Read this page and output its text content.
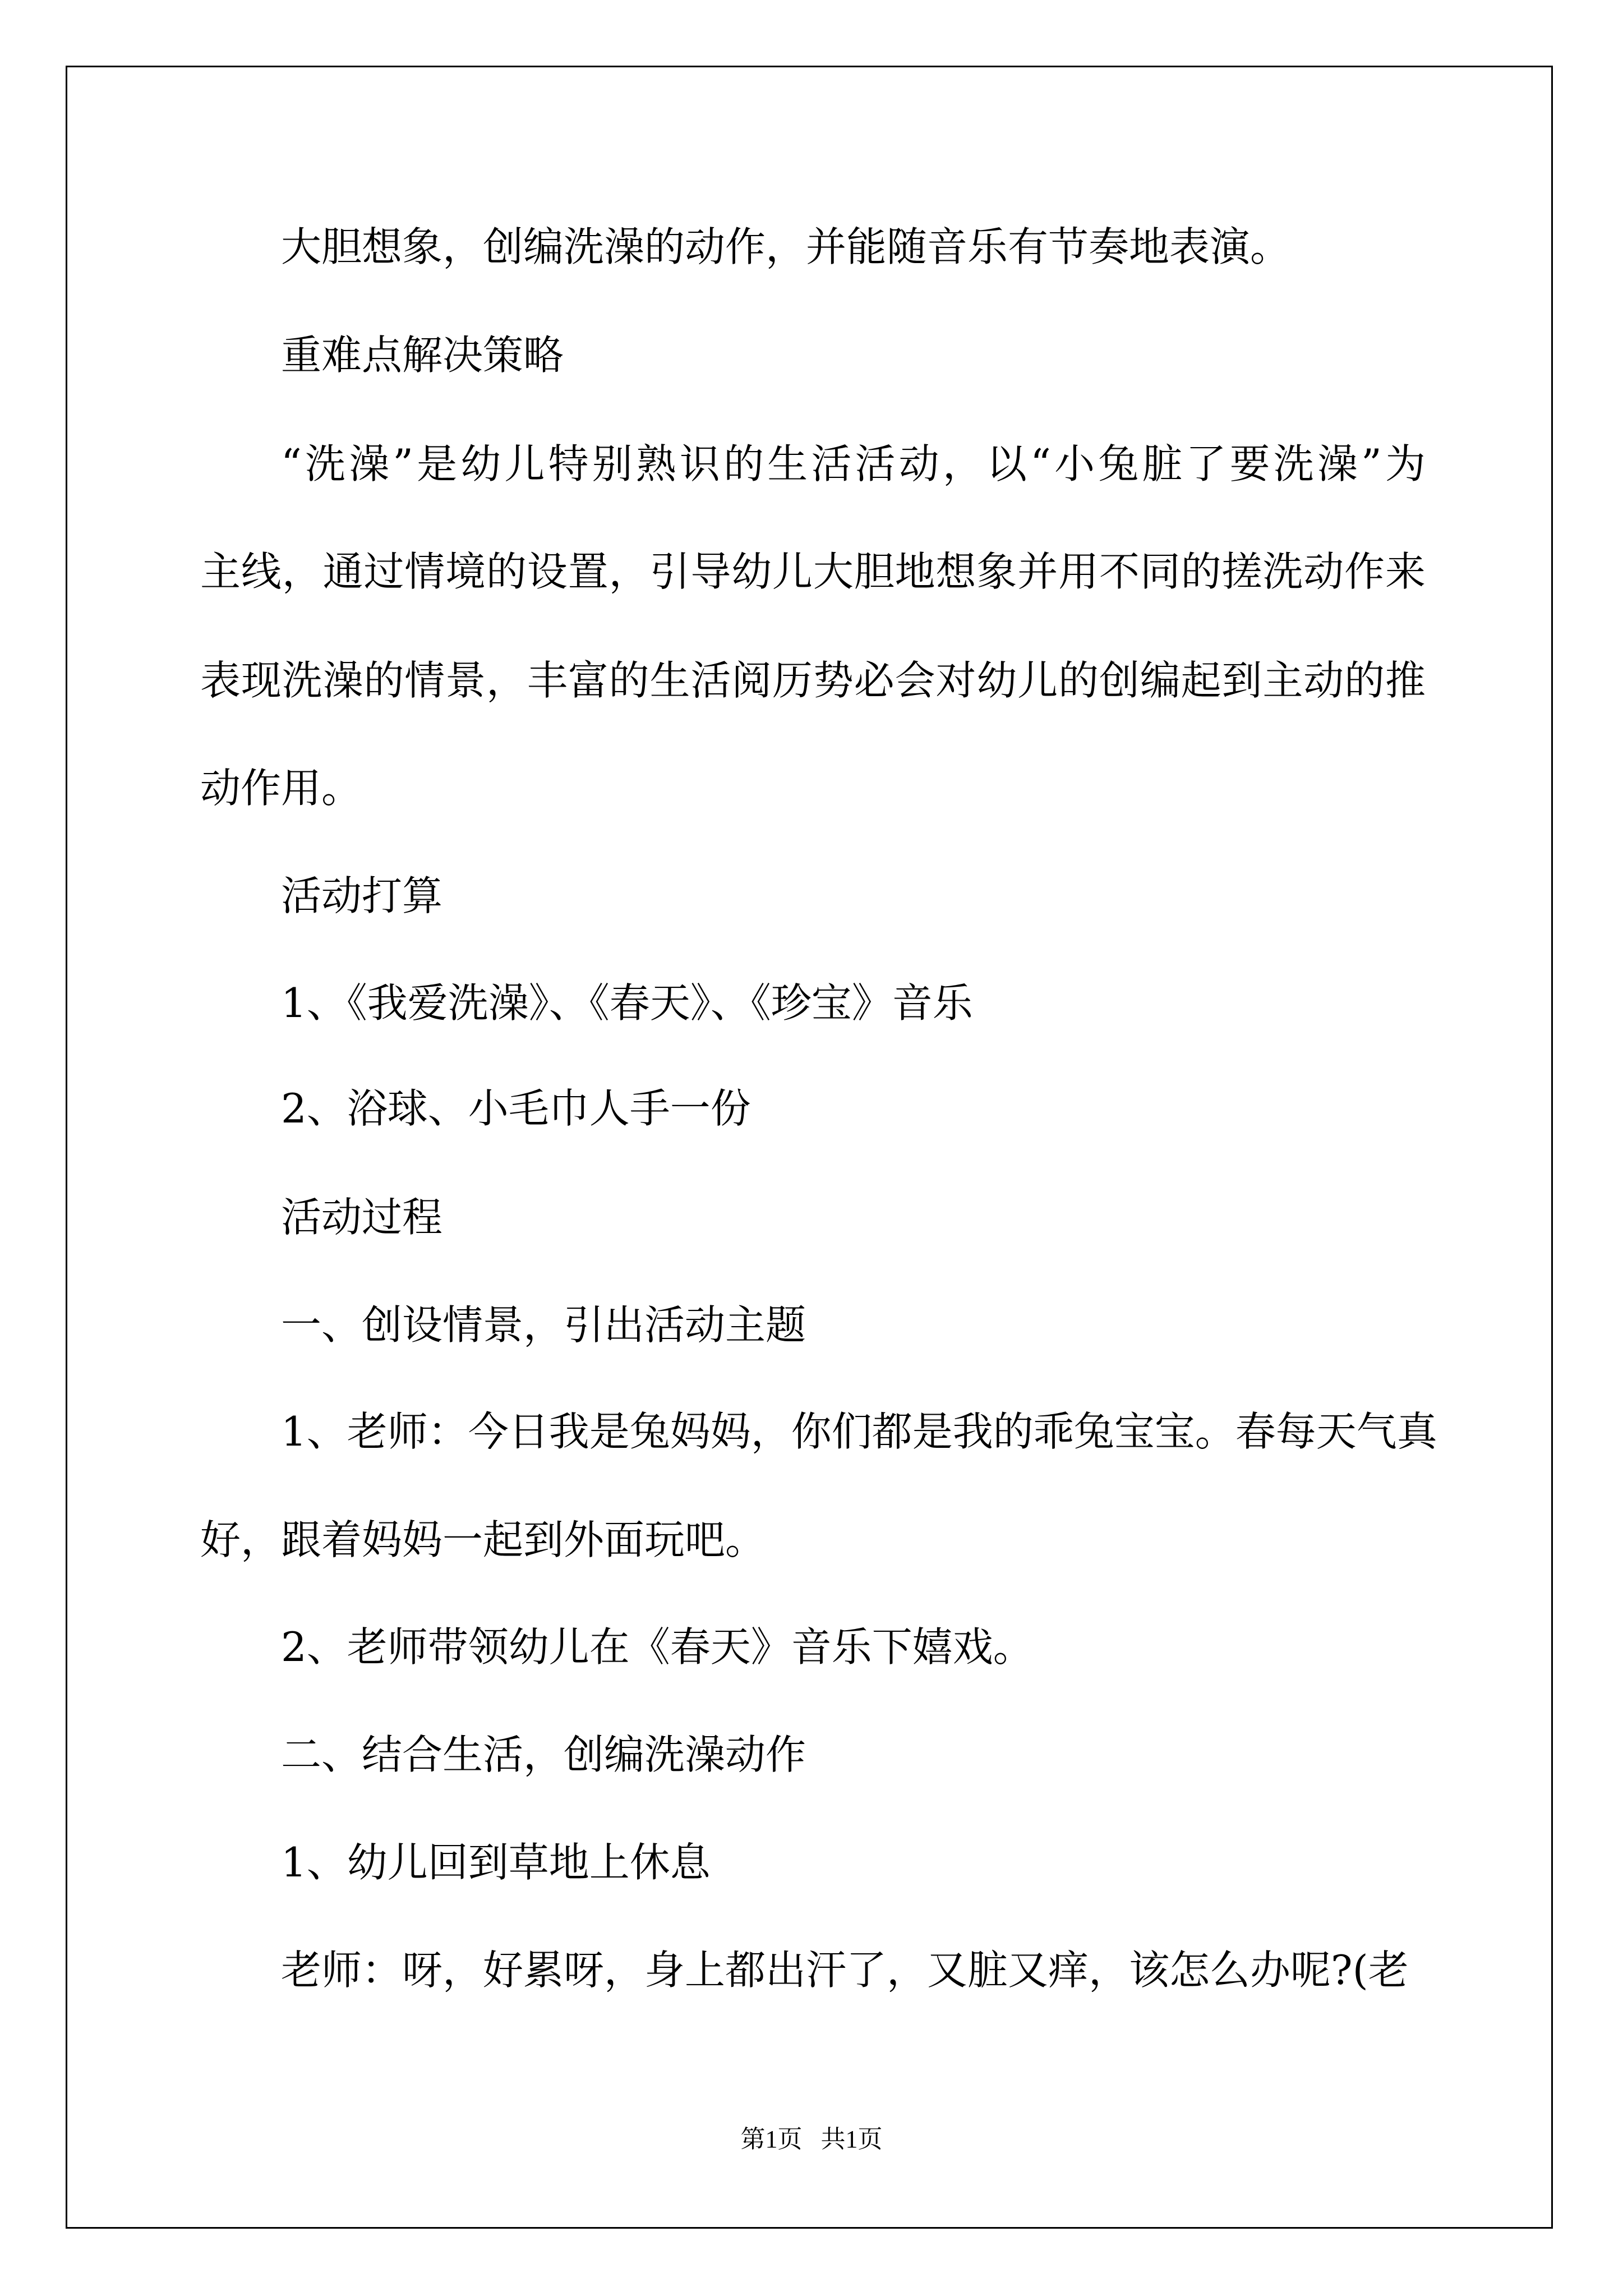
大胆想象，创编洗澡的动作，并能随音乐有节奏地表演。

重难点解决策略

“洗澡”是幼儿特别熟识的生活活动，以“小兔脏了要洗澡”为

主线，通过情境的设置，引导幼儿大胆地想象并用不同的搓洗动作来

表现洗澡的情景，丰富的生活阅历势必会对幼儿的创编起到主动的推

动作用。

活动打算

1、《我爱洗澡》、《春天》、《珍宝》音乐

2、浴球、小毛巾人手一份

活动过程

一、创设情景，引出活动主题

1、老师：今日我是兔妈妈，你们都是我的乖兔宝宝。春每天气真

好，跟着妈妈一起到外面玩吧。

2、老师带领幼儿在《春天》音乐下嬉戏。

二、结合生活，创编洗澡动作

1、幼儿回到草地上休息

老师：呀，好累呀，身上都出汗了，又脏又痒，该怎么办呢?(老

第1页   共1页
